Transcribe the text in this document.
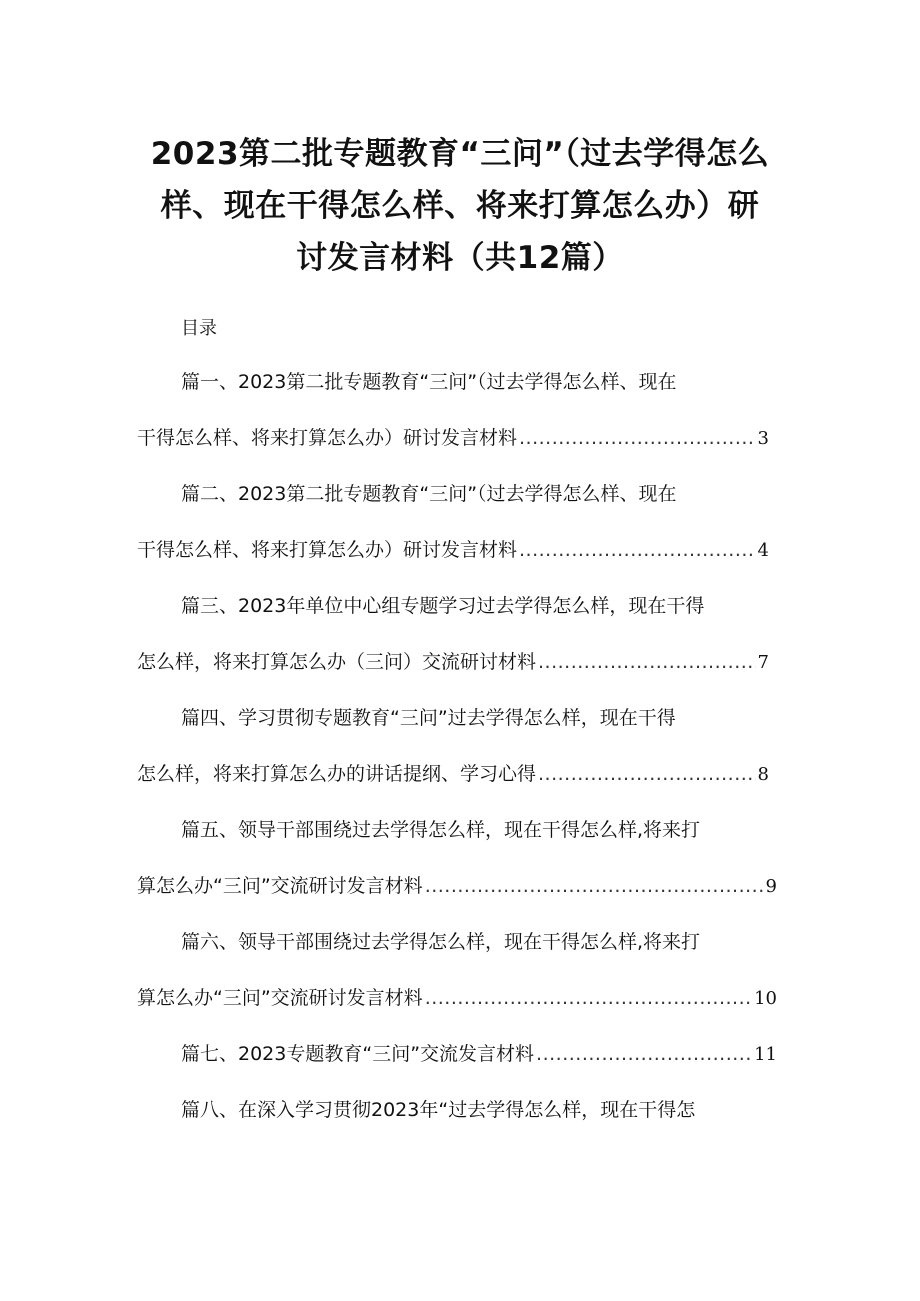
2023第二批专题教育“三问”（过去学得怎么
样、现在干得怎么样、将来打算怎么办）研
讨发言材料（共12篇）
目录
篇一、2023第二批专题教育“三问”（过去学得怎么样、现在
干得怎么样、将来打算怎么办）研讨发言材料 .....	3
篇二、2023第二批专题教育“三问”（过去学得怎么样、现在
干得怎么样、将来打算怎么办）研讨发言材料 .....	4
篇三、2023年单位中心组专题学习过去学得怎么样，现在干得
怎么样，将来打算怎么办（三问）交流研讨材料 .....	7
篇四、学习贯彻专题教育“三问”过去学得怎么样，现在干得
怎么样，将来打算怎么办的讲话提纲、学习心得 .....	8
篇五、领导干部围绕过去学得怎么样，现在干得怎么样,将来打
算怎么办“三问”交流研讨发言材料 .....	9
篇六、领导干部围绕过去学得怎么样，现在干得怎么样,将来打
算怎么办“三问”交流研讨发言材料 .....	10
篇七、2023专题教育“三问”交流发言材料 .....	11
篇八、在深入学习贯彻2023年“过去学得怎么样，现在干得怎
